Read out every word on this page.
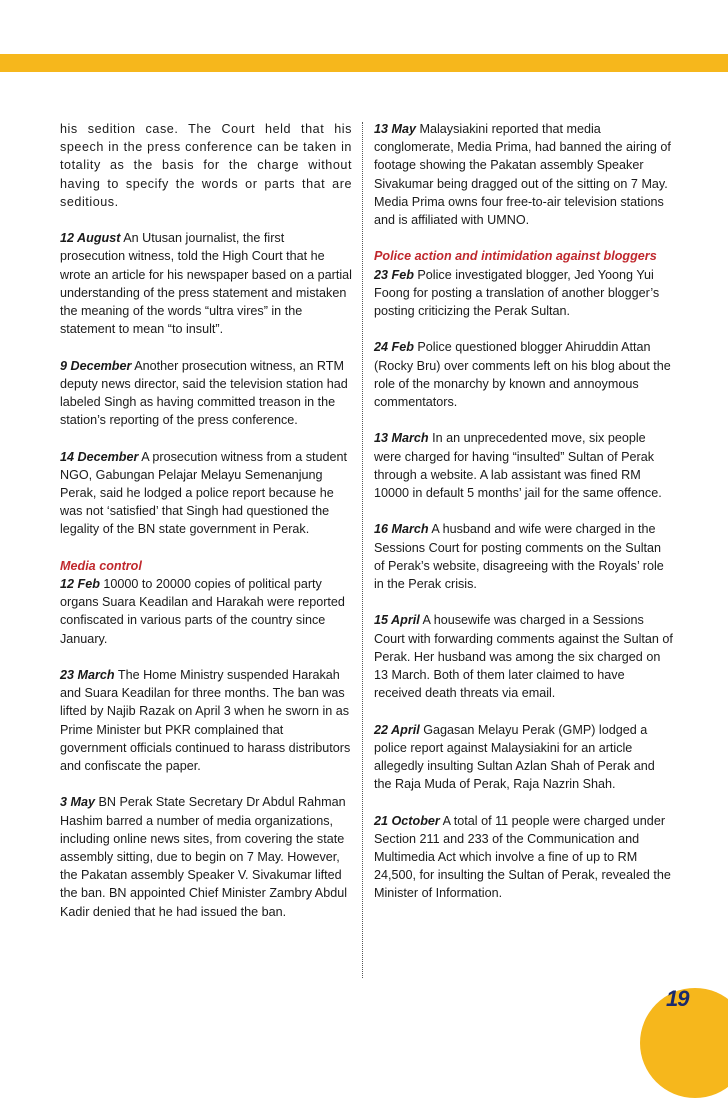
his sedition case. The Court held that his speech in the press conference can be taken in totality as the basis for the charge without having to specify the words or parts that are seditious.

12 August An Utusan journalist, the first prosecution witness, told the High Court that he wrote an article for his newspaper based on a partial understanding of the press statement and mistaken the meaning of the words “ultra vires” in the statement to mean “to insult”.

9 December Another prosecution witness, an RTM deputy news director, said the television station had labeled Singh as having committed treason in the station’s reporting of the press conference.

14 December A prosecution witness from a student NGO, Gabungan Pelajar Melayu Semenanjung Perak, said he lodged a police report because he was not ‘satisfied’ that Singh had questioned the legality of the BN state government in Perak.

Media control
12 Feb 10000 to 20000 copies of political party organs Suara Keadilan and Harakah were reported confiscated in various parts of the country since January.

23 March The Home Ministry suspended Harakah and Suara Keadilan for three months. The ban was lifted by Najib Razak on April 3 when he sworn in as Prime Minister but PKR complained that government officials continued to harass distributors and confiscate the paper.

3 May BN Perak State Secretary Dr Abdul Rahman Hashim barred a number of media organizations, including online news sites, from covering the state assembly sitting, due to begin on 7 May. However, the Pakatan assembly Speaker V. Sivakumar lifted the ban. BN appointed Chief Minister Zambry Abdul Kadir denied that he had issued the ban.

13 May Malaysiakini reported that media conglomerate, Media Prima, had banned the airing of footage showing the Pakatan assembly Speaker Sivakumar being dragged out of the sitting on 7 May. Media Prima owns four free-to-air television stations and is affiliated with UMNO.

Police action and intimidation against bloggers
23 Feb Police investigated blogger, Jed Yoong Yui Foong for posting a translation of another blogger’s posting criticizing the Perak Sultan.

24 Feb Police questioned blogger Ahiruddin Attan (Rocky Bru) over comments left on his blog about the role of the monarchy by known and annoymous commentators.

13 March In an unprecedented move, six people were charged for having “insulted” Sultan of Perak through a website. A lab assistant was fined RM 10000 in default 5 months’ jail for the same offence.

16 March A husband and wife were charged in the Sessions Court for posting comments on the Sultan of Perak’s website, disagreeing with the Royals’ role in the Perak crisis.

15 April A housewife was charged in a Sessions Court with forwarding comments against the Sultan of Perak. Her husband was among the six charged on 13 March. Both of them later claimed to have received death threats via email.

22 April Gagasan Melayu Perak (GMP) lodged a police report against Malaysiakini for an article allegedly insulting Sultan Azlan Shah of Perak and the Raja Muda of Perak, Raja Nazrin Shah.

21 October A total of 11 people were charged under Section 211 and 233 of the Communication and Multimedia Act which involve a fine of up to RM 24,500, for insulting the Sultan of Perak, revealed the Minister of Information.

19
